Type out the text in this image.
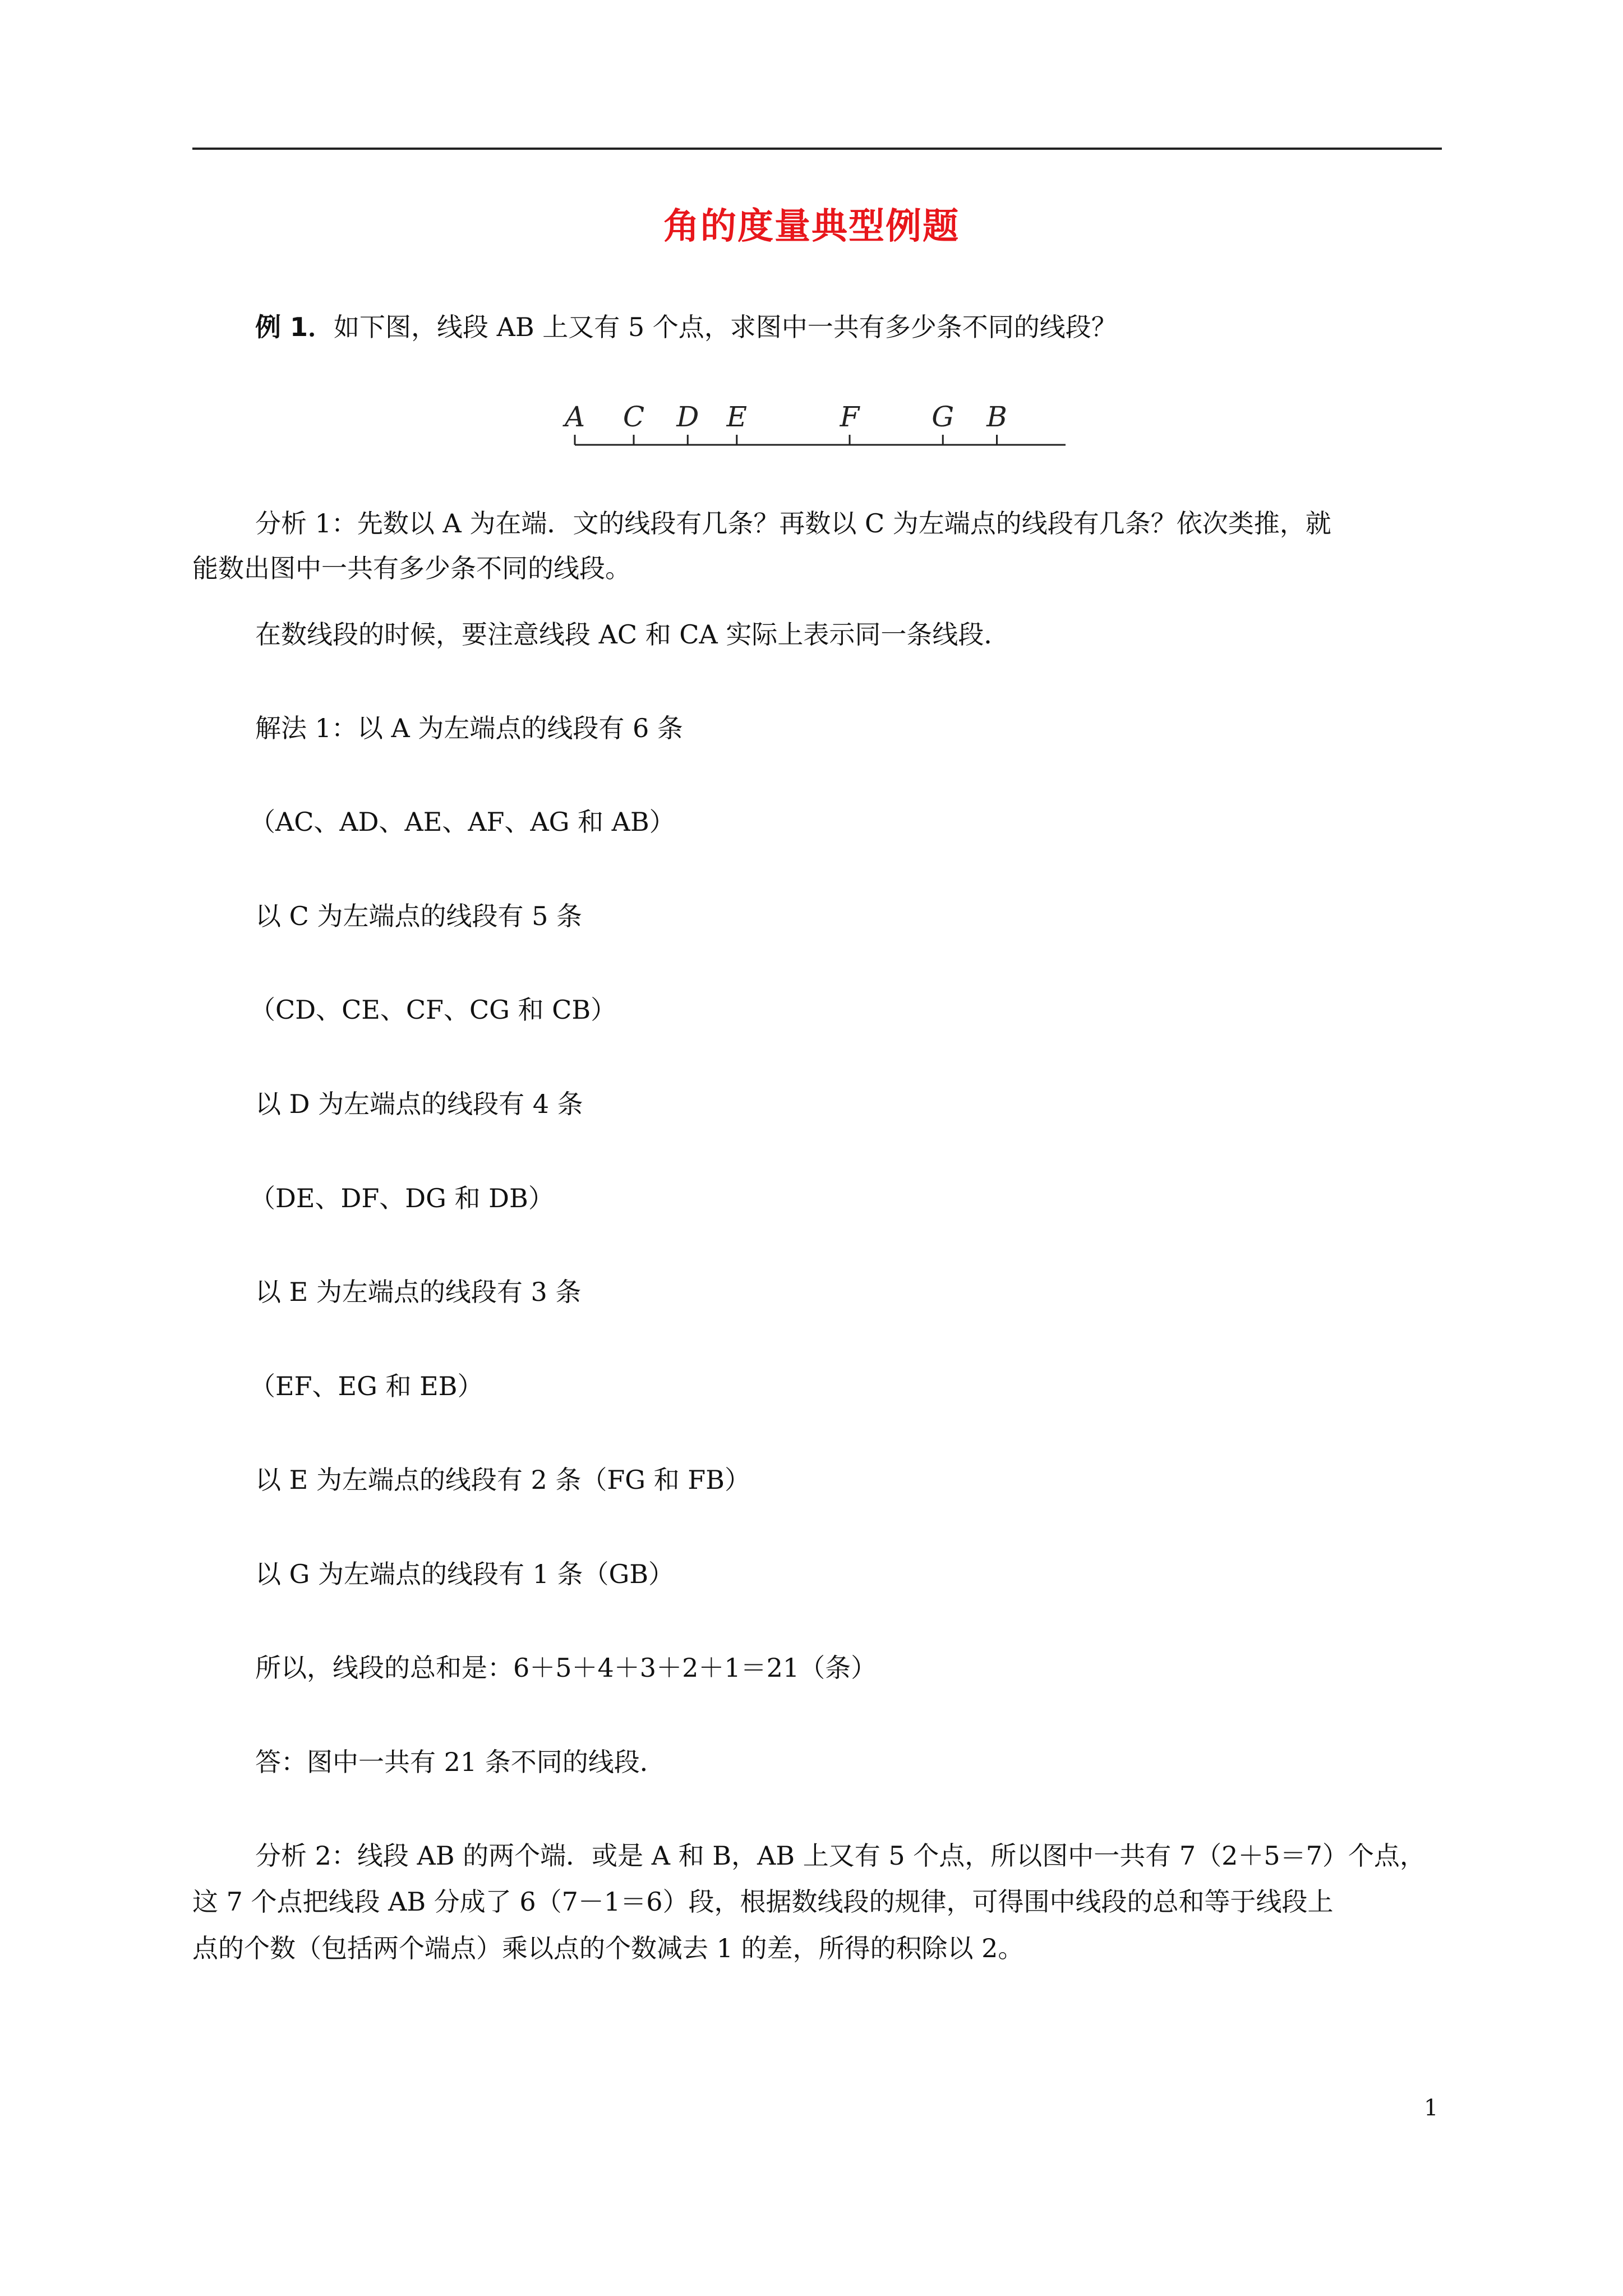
角的度量典型例题
例 1．如下图，线段 AB 上又有 5 个点，求图中一共有多少条不同的线段？
A C D E	F	G B
分析 1：先数以 A 为在端．文的线段有几条？再数以 C 为左端点的线段有几条？依次类推，就
能数出图中一共有多少条不同的线段。
在数线段的时候，要注意线段 AC 和 CA 实际上表示同一条线段．
解法 1：以 A 为左端点的线段有 6 条
（AC、AD、AE、AF、AG 和 AB）
以 C 为左端点的线段有 5 条
（CD、CE、CF、CG 和 CB）
以 D 为左端点的线段有 4 条
（DE、DF、DG 和 DB）
以 E 为左端点的线段有 3 条
（EF、EG 和 EB）
以 E 为左端点的线段有 2 条（FG 和 FB）
以 G 为左端点的线段有 1 条（GB）
所以，线段的总和是：6＋5＋4＋3＋2＋1＝21（条）
答：图中一共有 21 条不同的线段．
分析 2：线段 AB 的两个端．或是 A 和 B，AB 上又有 5 个点，所以图中一共有 7（2＋5＝7）个点，
这 7 个点把线段 AB 分成了 6（7－1＝6）段，根据数线段的规律，可得围中线段的总和等于线段上
点的个数（包括两个端点）乘以点的个数减去 1 的差，所得的积除以 2。
1
